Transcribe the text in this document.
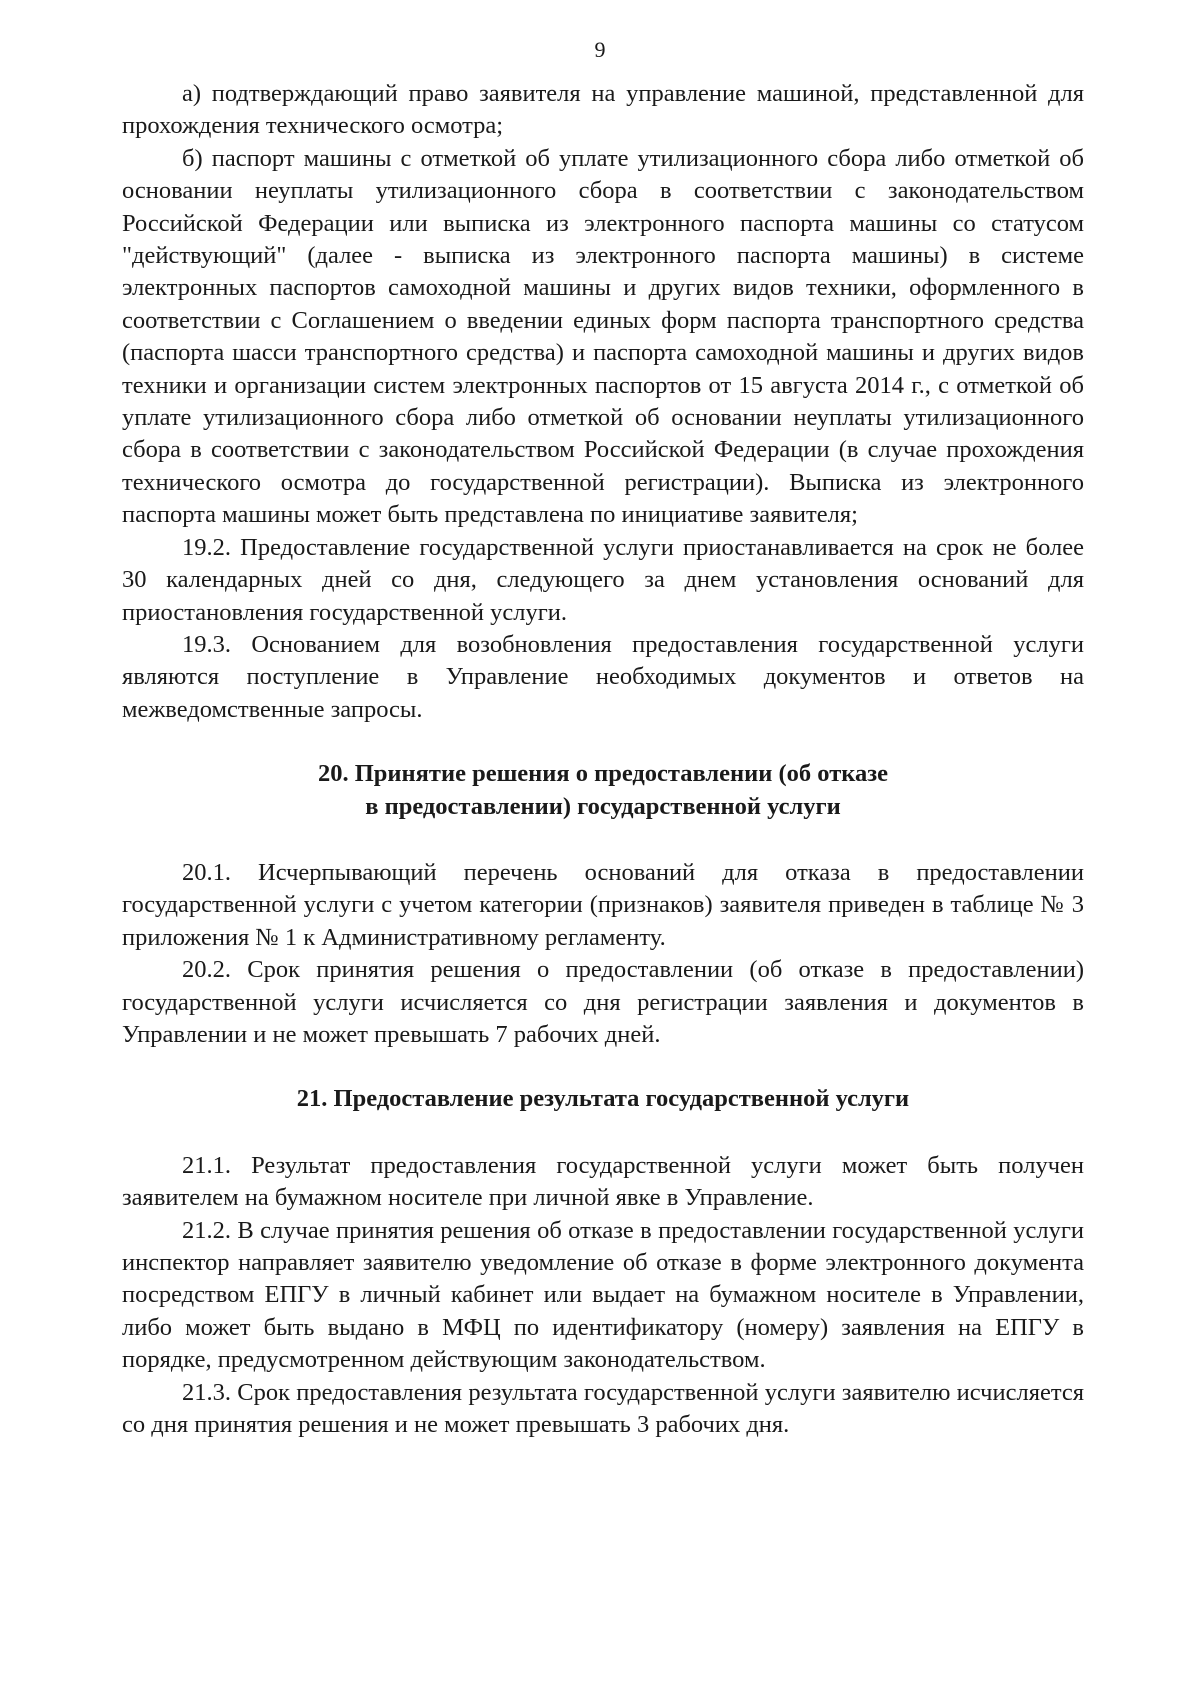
9

а) подтверждающий право заявителя на управление машиной, представленной для прохождения технического осмотра;

б) паспорт машины с отметкой об уплате утилизационного сбора либо отметкой об основании неуплаты утилизационного сбора в соответствии с законодательством Российской Федерации или выписка из электронного паспорта машины со статусом "действующий" (далее - выписка из электронного паспорта машины) в системе электронных паспортов самоходной машины и других видов техники, оформленного в соответствии с Соглашением о введении единых форм паспорта транспортного средства (паспорта шасси транспортного средства) и паспорта самоходной машины и других видов техники и организации систем электронных паспортов от 15 августа 2014 г., с отметкой об уплате утилизационного сбора либо отметкой об основании неуплаты утилизационного сбора в соответствии с законодательством Российской Федерации (в случае прохождения технического осмотра до государственной регистрации). Выписка из электронного паспорта машины может быть представлена по инициативе заявителя;

19.2. Предоставление государственной услуги приостанавливается на срок не более 30 календарных дней со дня, следующего за днем установления оснований для приостановления государственной услуги.

19.3. Основанием для возобновления предоставления государственной услуги являются поступление в Управление необходимых документов и ответов на межведомственные запросы.

20. Принятие решения о предоставлении (об отказе

в предоставлении) государственной услуги

20.1. Исчерпывающий перечень оснований для отказа в предоставлении государственной услуги с учетом категории (признаков) заявителя приведен в таблице № 3 приложения № 1 к Административному регламенту.

20.2. Срок принятия решения о предоставлении (об отказе в предоставлении) государственной услуги исчисляется со дня регистрации заявления и документов в Управлении и не может превышать 7 рабочих дней.

21. Предоставление результата государственной услуги

21.1. Результат предоставления государственной услуги может быть получен заявителем на бумажном носителе при личной явке в Управление.

21.2. В случае принятия решения об отказе в предоставлении государственной услуги инспектор направляет заявителю уведомление об отказе в форме электронного документа посредством ЕПГУ в личный кабинет или выдает на бумажном носителе в Управлении, либо может быть выдано в МФЦ по идентификатору (номеру) заявления на ЕПГУ в порядке, предусмотренном действующим законодательством.

21.3. Срок предоставления результата государственной услуги заявителю исчисляется со дня принятия решения и не может превышать 3 рабочих дня.
